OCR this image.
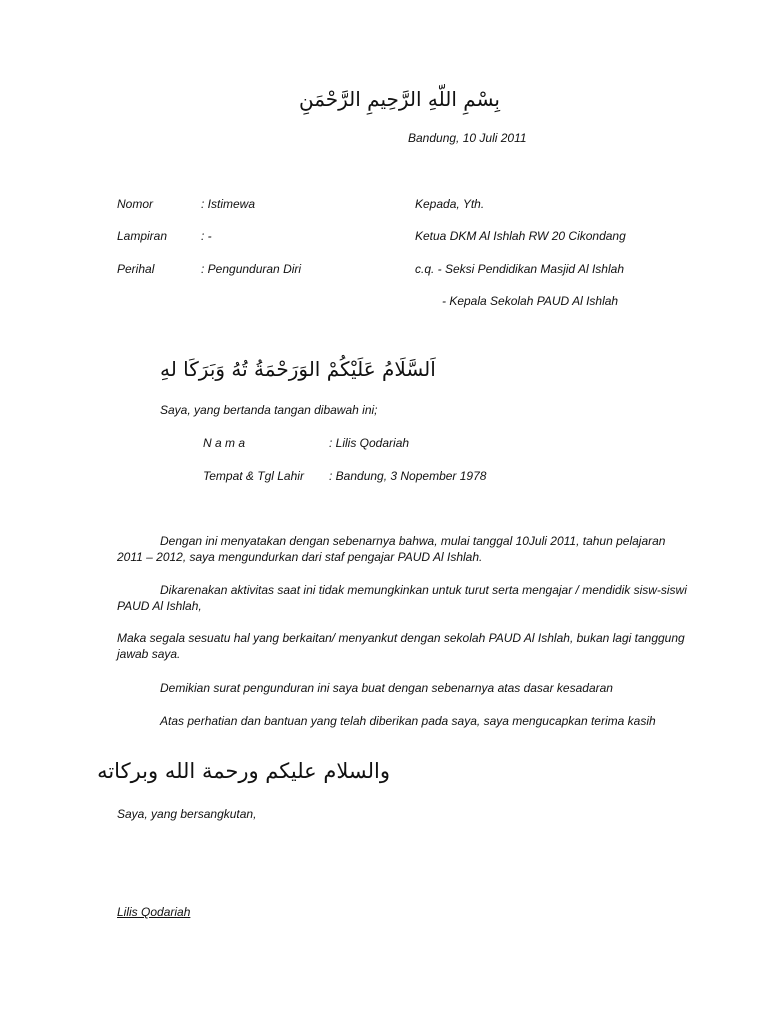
بِسْمِ اللّهِ الرَّحِيمِ الرَّحْمَنِ
Bandung, 10 Juli 2011
Nomor	: Istimewa
Lampiran	: -
Perihal	: Pengunduran Diri
Kepada, Yth.
Ketua DKM Al Ishlah RW 20 Cikondang
c.q. - Seksi Pendidikan Masjid Al Ishlah
- Kepala Sekolah PAUD Al Ishlah
اَلسَّلَامُ عَلَيْكُمْ الوَرَحْمَةُ تُهُ وَبَرَكَا لهِ
Saya, yang bertanda tangan dibawah ini;
N a m a	: Lilis Qodariah
Tempat & Tgl Lahir : Bandung, 3 Nopember 1978
Dengan ini menyatakan dengan sebenarnya bahwa, mulai tanggal 10Juli 2011, tahun pelajaran 2011 – 2012, saya mengundurkan dari staf pengajar PAUD Al Ishlah.
Dikarenakan aktivitas saat ini tidak memungkinkan untuk turut serta mengajar / mendidik sisw-siswi PAUD Al Ishlah,
Maka segala sesuatu hal yang berkaitan/ menyankut dengan sekolah PAUD Al Ishlah, bukan lagi tanggung jawab saya.
Demikian surat pengunduran ini saya buat dengan sebenarnya atas dasar kesadaran
Atas perhatian dan bantuan yang telah diberikan pada saya, saya mengucapkan terima kasih
والسلام عليكم ورحمة الله وبركاته
Saya, yang bersangkutan,
Lilis Qodariah
